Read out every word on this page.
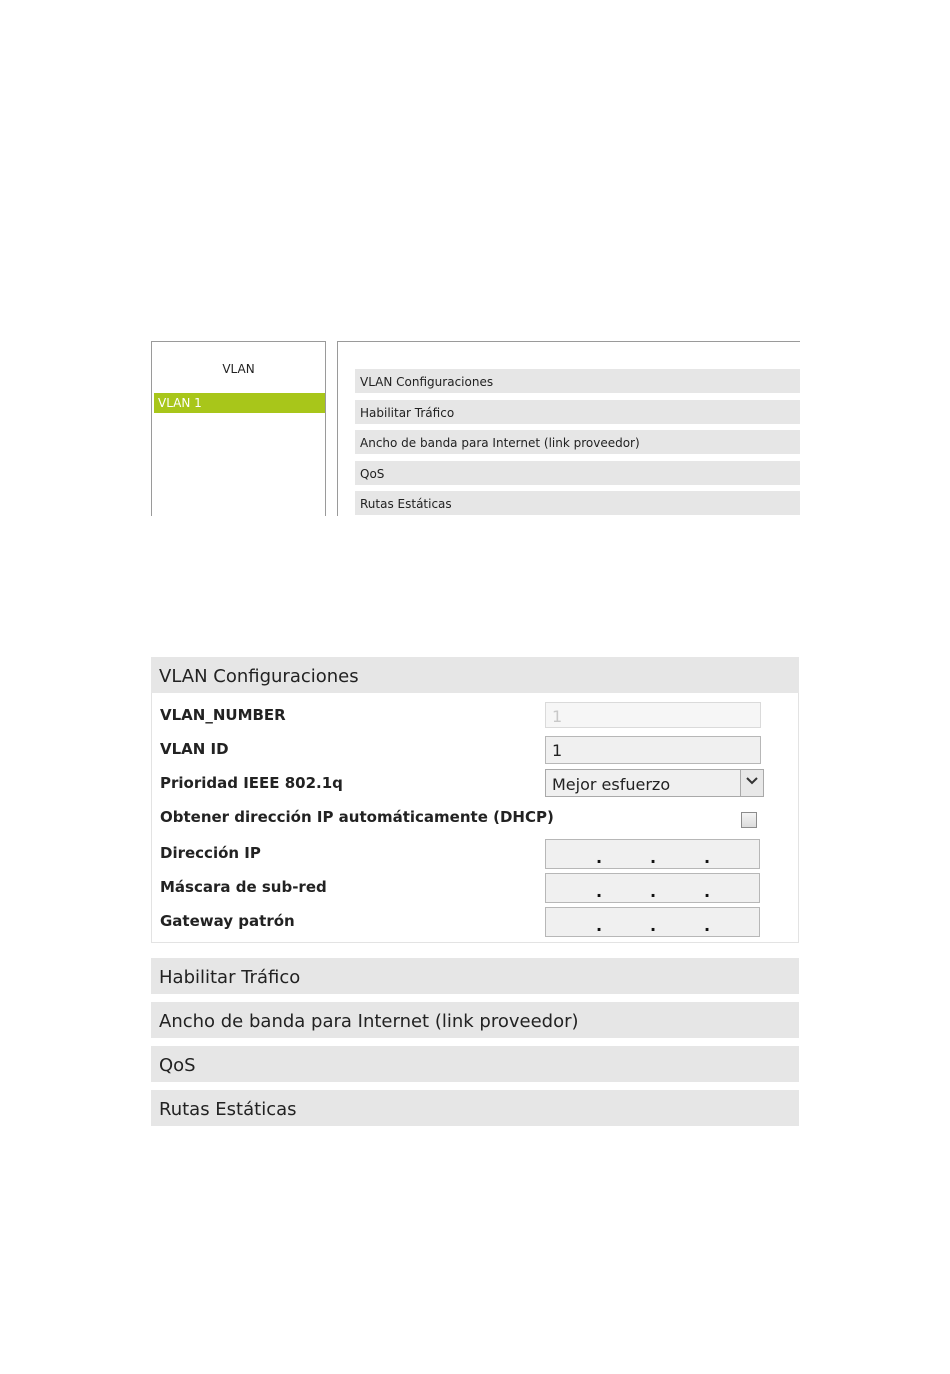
VLAN
VLAN 1
VLAN Configuraciones
Habilitar Tráfico
Ancho de banda para Internet (link proveedor)
QoS
Rutas Estáticas
VLAN Configuraciones
VLAN_NUMBER	1
VLAN ID	1
Prioridad IEEE 802.1q	Mejor esfuerzo
Obtener dirección IP automáticamente (DHCP)
Dirección IP	.	.	.
Máscara de sub-red	.	.	.
Gateway patrón	.	.	.
Habilitar Tráfico
Ancho de banda para Internet (link proveedor)
QoS
Rutas Estáticas
